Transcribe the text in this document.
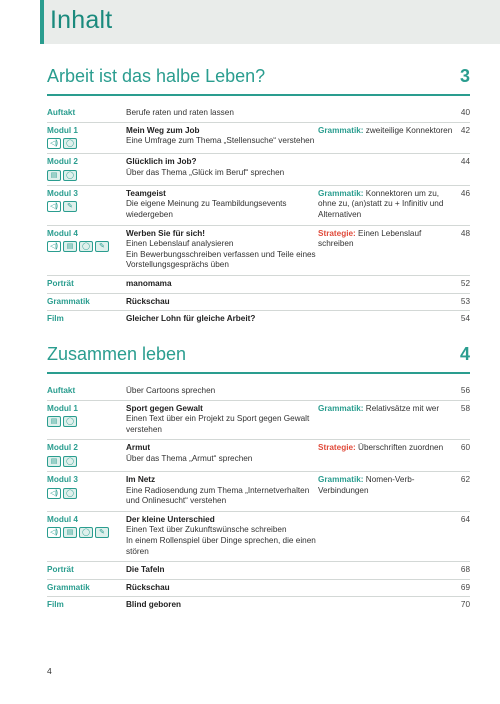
Inhalt
Arbeit ist das halbe Leben?	3
Auftakt	Berufe raten und raten lassen	40
Modul 1
◁)	◯
Mein Weg zum Job
Eine Umfrage zum Thema „Stellensuche“ verstehen
Grammatik: zweiteilige Konnektoren	42
Modul 2
▤	◯
Glücklich im Job?
Über das Thema „Glück im Beruf“ sprechen
44
Modul 3
◁)	✎
Teamgeist
Die eigene Meinung zu Teambildungsevents wiedergeben
Grammatik: Konnektoren um zu, ohne zu, (an)statt zu + Infinitiv und Alternativen
46
Modul 4
◁)	▤	◯	✎
Werben Sie für sich!
Einen Lebenslauf analysieren
Ein Bewerbungsschreiben verfassen und Teile eines Vorstellungsgesprächs üben
Strategie: Einen Lebenslauf schreiben
48
Porträt	manomama	52
Grammatik	Rückschau	53
Film	Gleicher Lohn für gleiche Arbeit?	54
Zusammen leben	4
Auftakt	Über Cartoons sprechen	56
Modul 1
▤	◯
Sport gegen Gewalt
Einen Text über ein Projekt zu Sport gegen Gewalt verstehen
Grammatik: Relativsätze mit wer	58
Modul 2
▤	◯
Armut
Über das Thema „Armut“ sprechen
Strategie: Überschriften zuordnen	60
Modul 3
◁)	◯
Im Netz
Eine Radiosendung zum Thema „Internetverhalten und Onlinesucht“ verstehen
Grammatik: Nomen-Verb-Verbindungen
62
Modul 4
◁)	▤	◯	✎
Der kleine Unterschied
Einen Text über Zukunftswünsche schreiben
In einem Rollenspiel über Dinge sprechen, die einen stören
64
Porträt	Die Tafeln	68
Grammatik	Rückschau	69
Film	Blind geboren	70
4
